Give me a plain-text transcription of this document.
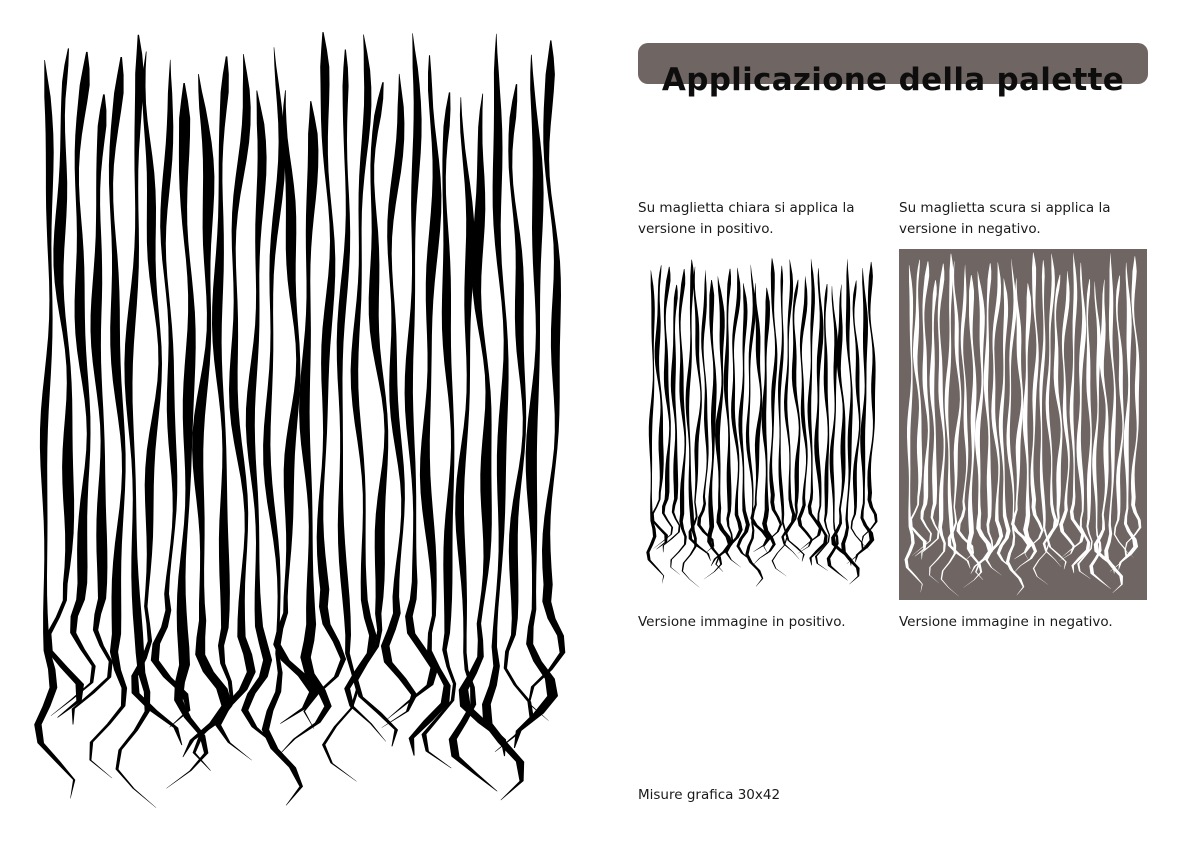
Applicazione della palette

Su maglietta chiara si applica la versione in positivo.

Su maglietta scura si applica la versione in negativo.

Versione immagine in positivo.	Versione immagine in negativo.

Misure grafica 30x42
